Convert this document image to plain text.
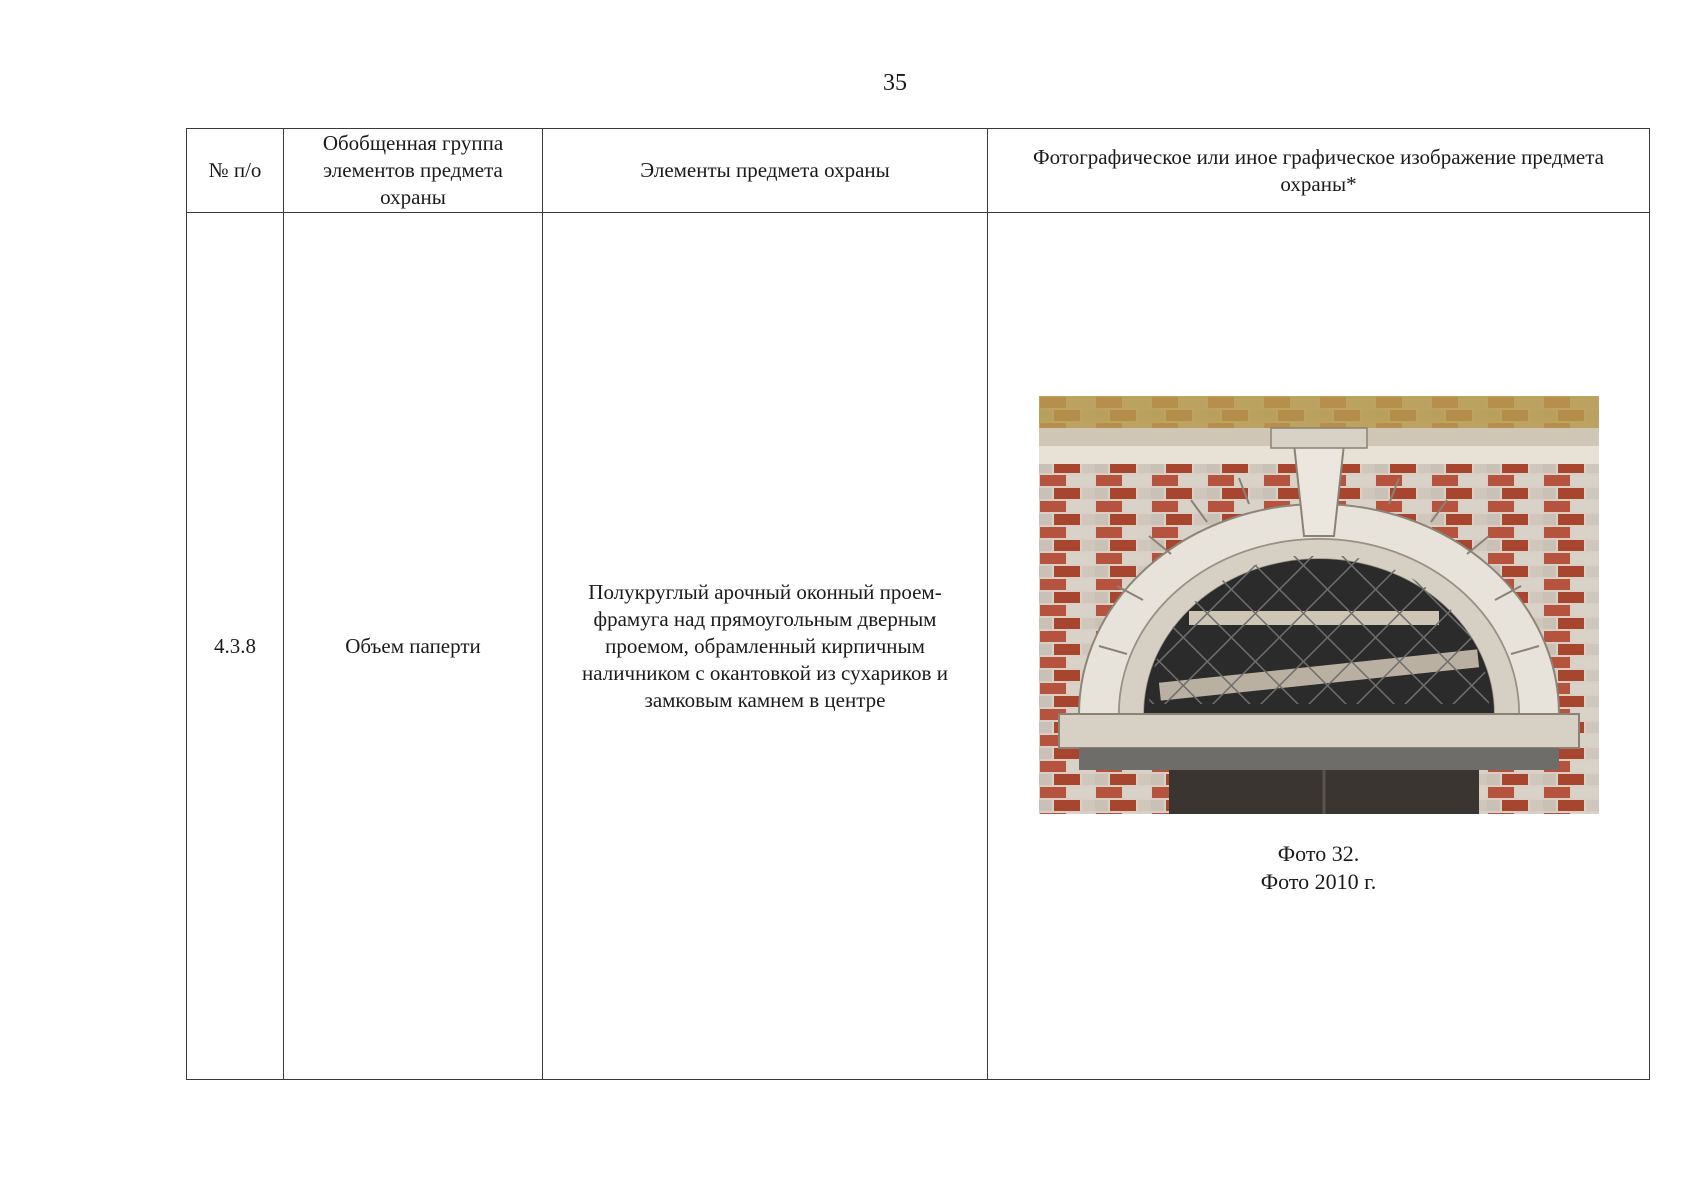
35
№ п/о	Обобщенная группа элементов предмета охраны	Элементы предмета охраны	Фотографическое или иное графическое изображение предмета охраны*
4.3.8	Объем паперти	Полукруглый арочный оконный проем-фрамуга над прямоугольным дверным проемом, обрамленный кирпичным наличником с окантовкой из сухариков и замковым камнем в центре	Фото 32.
Фото 2010 г.
